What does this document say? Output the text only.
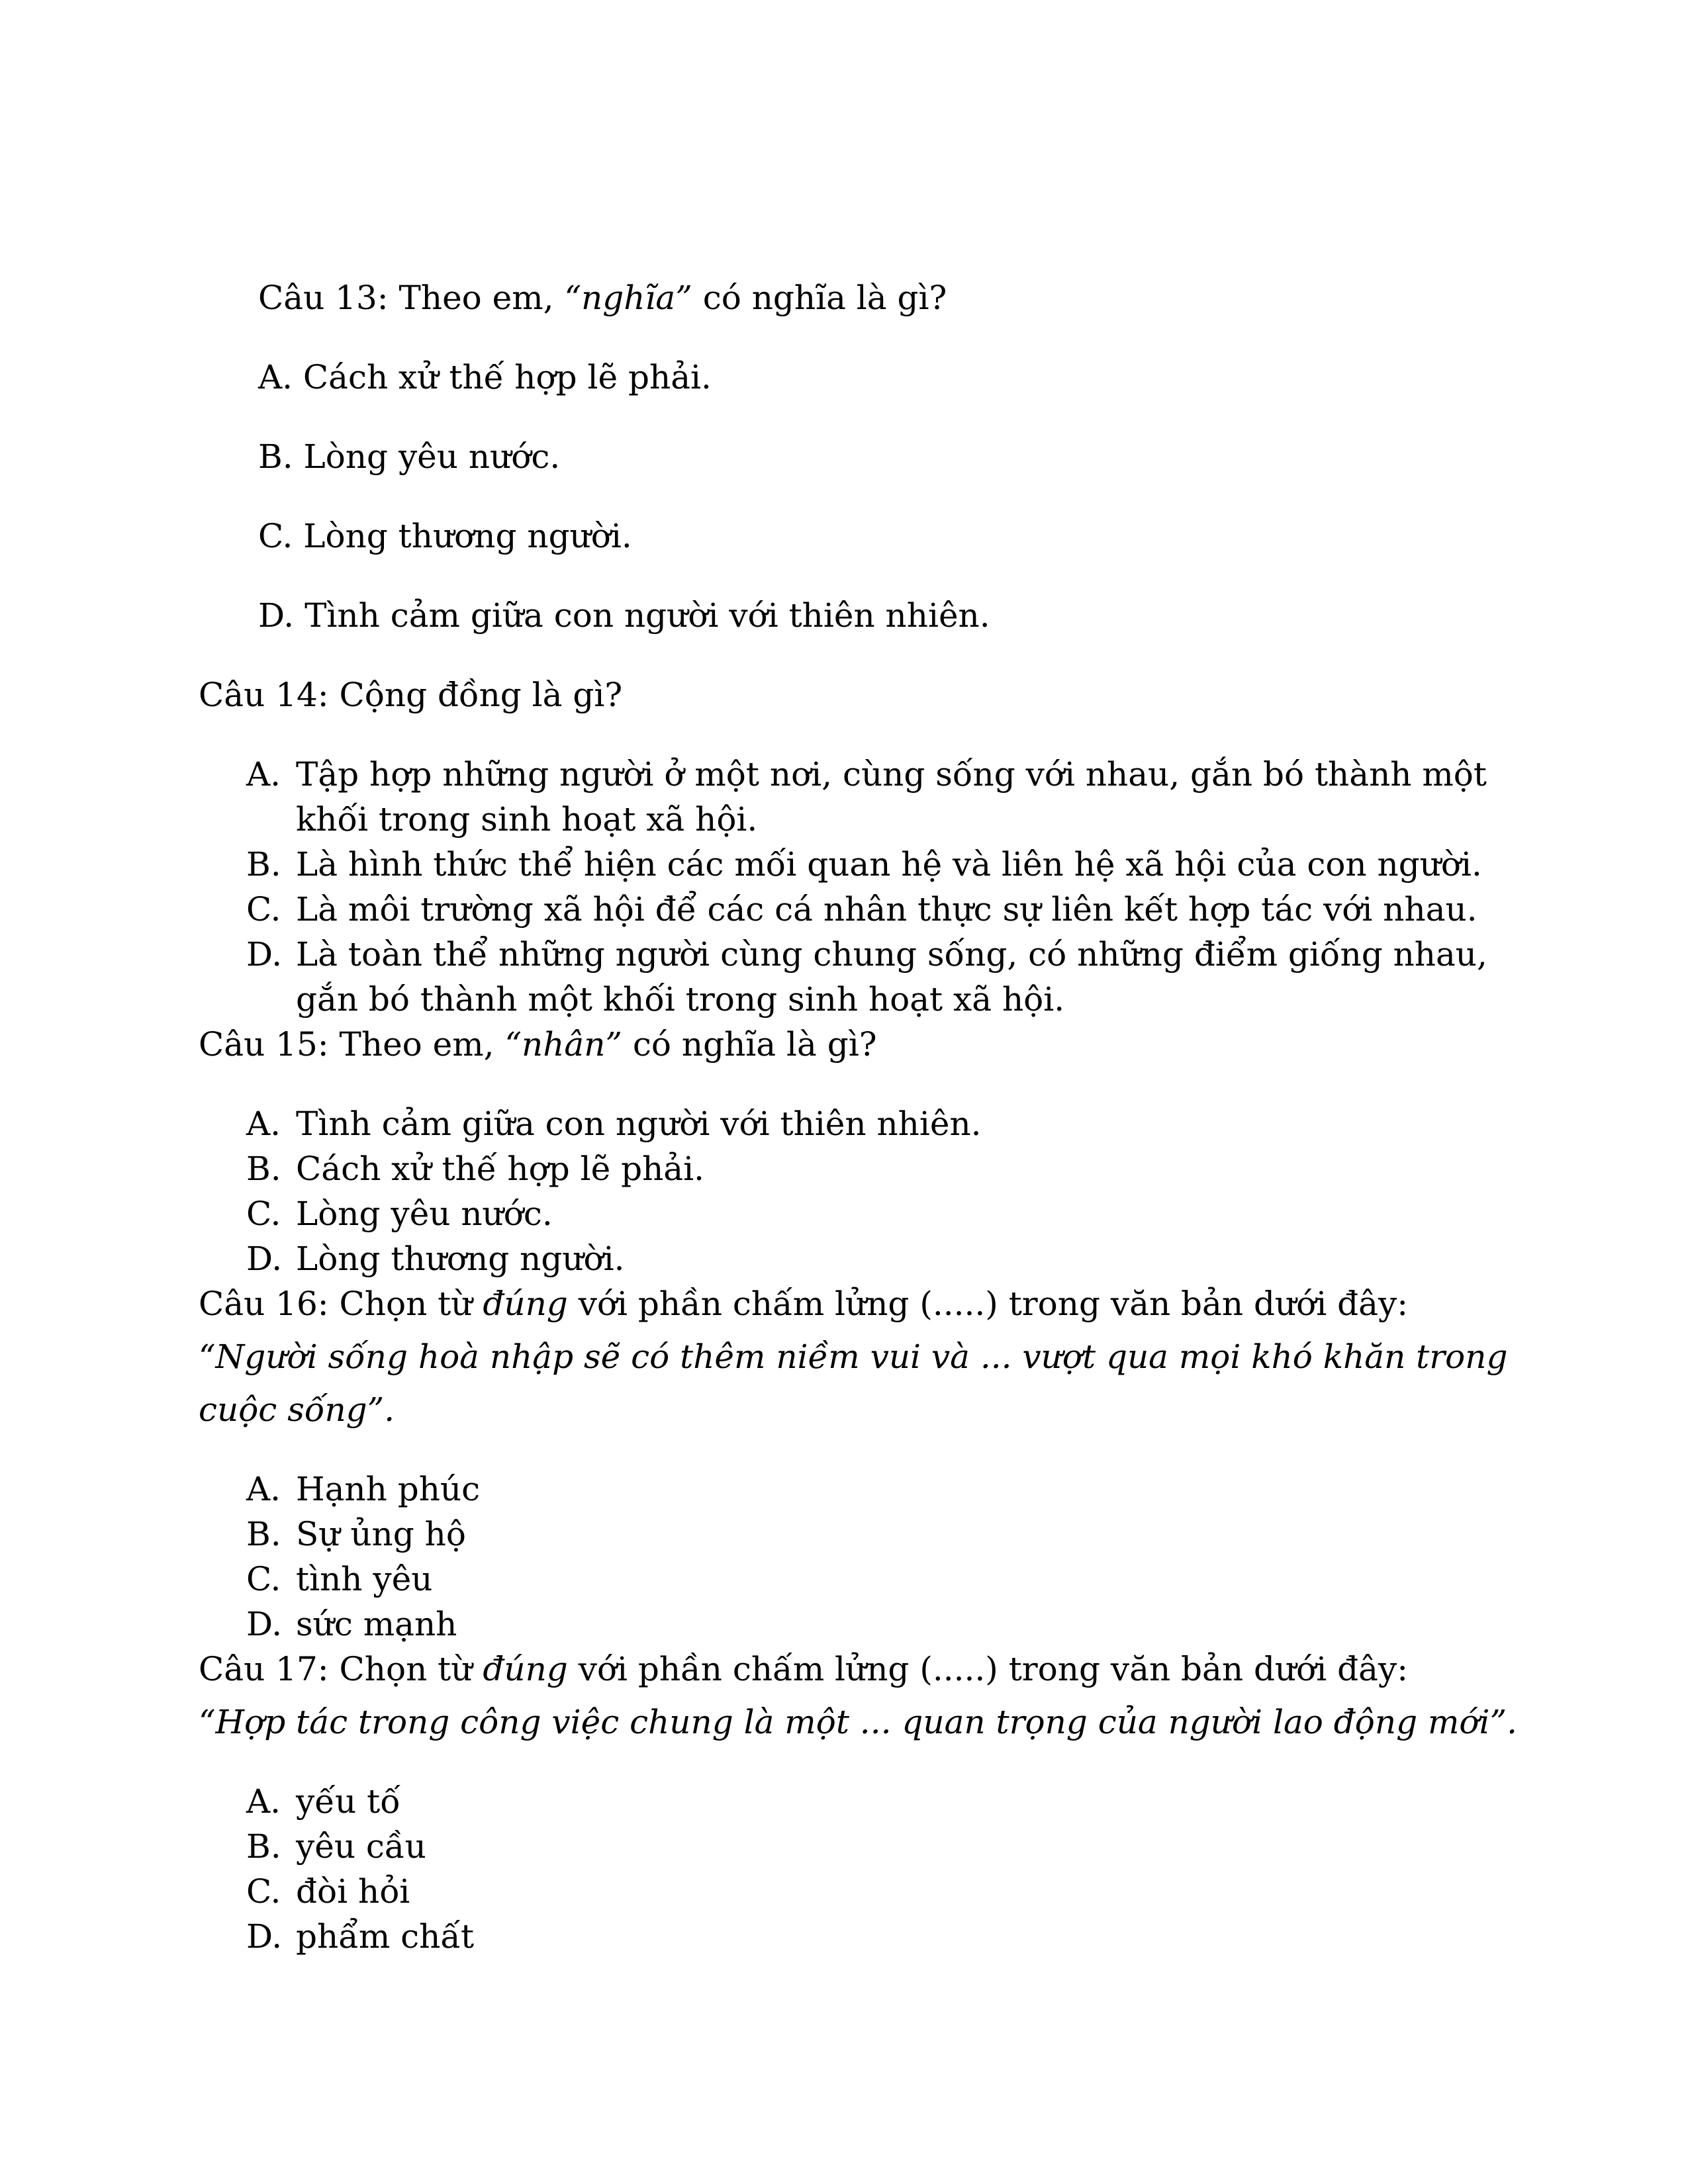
Câu 13: Theo em, “nghĩa” có nghĩa là gì?
A. Cách xử thế hợp lẽ phải.
B. Lòng yêu nước.
C. Lòng thương người.
D. Tình cảm giữa con người với thiên nhiên.
Câu 14: Cộng đồng là gì?
A. Tập hợp những người ở một nơi, cùng sống với nhau, gắn bó thành một
khối trong sinh hoạt xã hội.
B. Là hình thức thể hiện các mối quan hệ và liên hệ xã hội của con người.
C. Là môi trường xã hội để các cá nhân thực sự liên kết hợp tác với nhau.
D. Là toàn thể những người cùng chung sống, có những điểm giống nhau,
gắn bó thành một khối trong sinh hoạt xã hội.
Câu 15: Theo em, “nhân” có nghĩa là gì?
A. Tình cảm giữa con người với thiên nhiên.
B. Cách xử thế hợp lẽ phải.
C. Lòng yêu nước.
D. Lòng thương người.
Câu 16: Chọn từ đúng với phần chấm lửng (.....) trong văn bản dưới đây:
“Người sống hoà nhập sẽ có thêm niềm vui và ... vượt qua mọi khó khăn trong
cuộc sống”.
A. Hạnh phúc
B. Sự ủng hộ
C. tình yêu
D. sức mạnh
Câu 17: Chọn từ đúng với phần chấm lửng (.....) trong văn bản dưới đây:
“Hợp tác trong công việc chung là một ... quan trọng của người lao động mới”.
A. yếu tố
B. yêu cầu
C. đòi hỏi
D. phẩm chất
